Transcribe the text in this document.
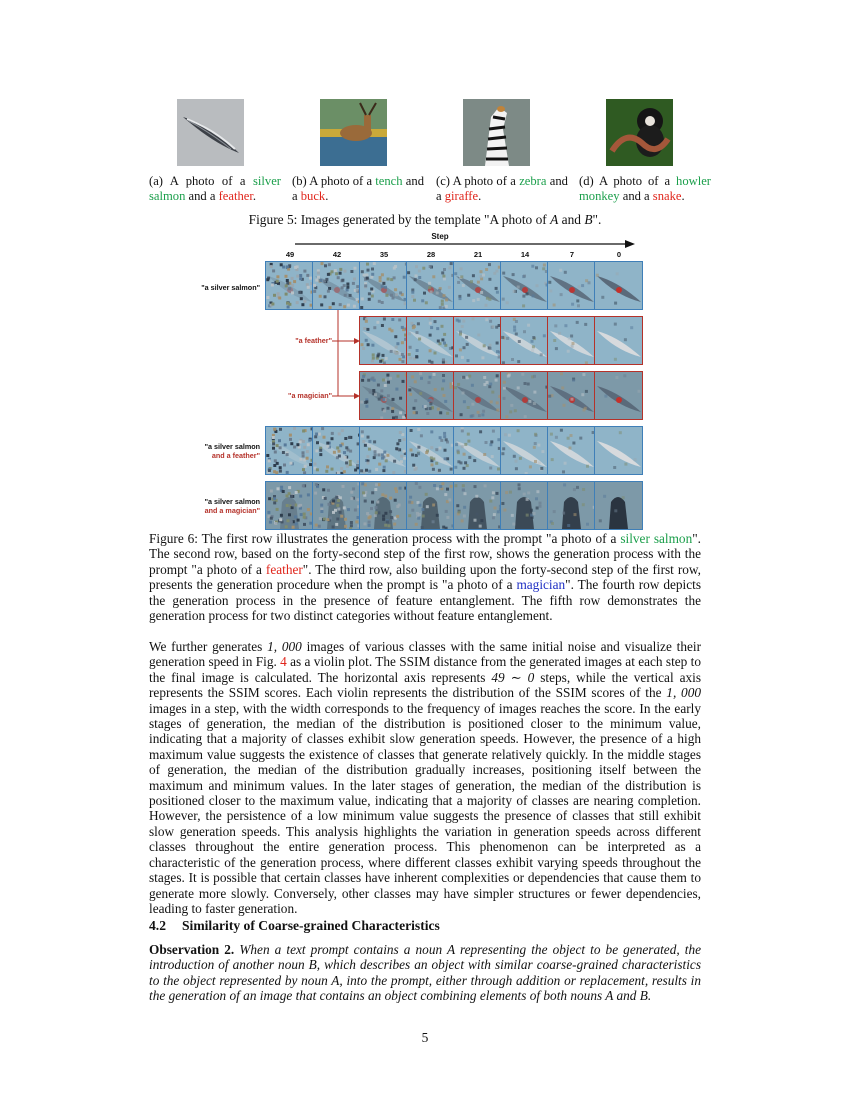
(a) A photo of a silver salmon and a feather.
(b) A photo of a tench and a buck.
(c) A photo of a zebra and a giraffe.
(d) A photo of a howler monkey and a snake.
Figure 5: Images generated by the template "A photo of A and B".
Step
49	42	35	28	21	14	7	0
"a silver salmon"
"a feather"
"a magician"
"a silver salmon
and a feather"
"a silver salmon
and a magician"

Figure 6: The first row illustrates the generation process with the prompt "a photo of a silver salmon". The second row, based on the forty-second step of the first row, shows the generation process with the prompt "a photo of a feather". The third row, also building upon the forty-second step of the first row, presents the generation procedure when the prompt is "a photo of a magician". The fourth row depicts the generation process in the presence of feature entanglement. The fifth row demonstrates the generation process for two distinct categories without feature entanglement.

We further generates 1, 000 images of various classes with the same initial noise and visualize their generation speed in Fig. 4 as a violin plot. The SSIM distance from the generated images at each step to the final image is calculated. The horizontal axis represents 49 ∼ 0 steps, while the vertical axis represents the SSIM scores. Each violin represents the distribution of the SSIM scores of the 1, 000 images in a step, with the width corresponds to the frequency of images reaches the score. In the early stages of generation, the median of the distribution is positioned closer to the minimum value, indicating that a majority of classes exhibit slow generation speeds. However, the presence of a high maximum value suggests the existence of classes that generate relatively quickly. In the middle stages of generation, the median of the distribution gradually increases, positioning itself between the maximum and minimum values. In the later stages of generation, the median of the distribution is positioned closer to the maximum value, indicating that a majority of classes are nearing completion. However, the persistence of a low minimum value suggests the presence of classes that still exhibit slow generation speeds. This analysis highlights the variation in generation speeds across different classes throughout the entire generation process. This phenomenon can be interpreted as a characteristic of the generation process, where different classes exhibit varying speeds throughout the stages. It is possible that certain classes have inherent complexities or dependencies that cause them to generate more slowly. Conversely, other classes may have simpler structures or fewer dependencies, leading to faster generation.

4.2 Similarity of Coarse-grained Characteristics

Observation 2. When a text prompt contains a noun A representing the object to be generated, the introduction of another noun B, which describes an object with similar coarse-grained characteristics to the object represented by noun A, into the prompt, either through addition or replacement, results in the generation of an image that contains an object combining elements of both nouns A and B.

5
